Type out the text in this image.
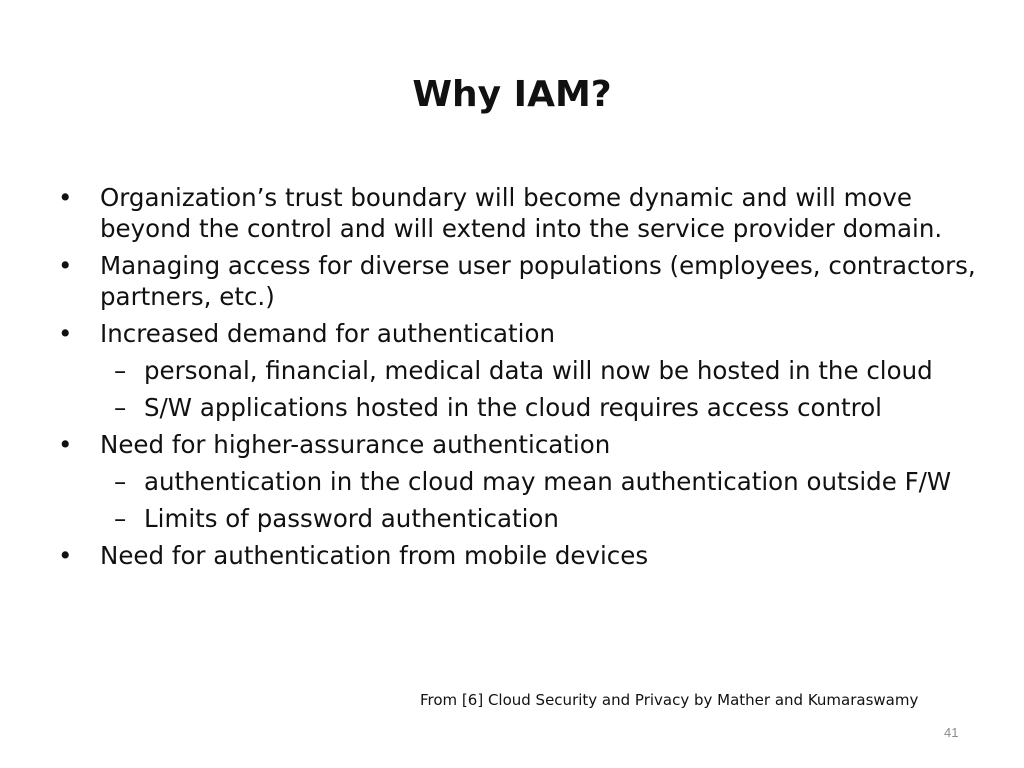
Why IAM?
• Organization’s trust boundary will become dynamic and will move beyond the control and will extend into the service provider domain.
• Managing access for diverse user populations (employees, contractors, partners, etc.)
• Increased demand for authentication
– personal, financial, medical data will now be hosted in the cloud
– S/W applications hosted in the cloud requires access control
• Need for higher-assurance authentication
– authentication in the cloud may mean authentication outside F/W
– Limits of password authentication
• Need for authentication from mobile devices
From [6] Cloud Security and Privacy by Mather and Kumaraswamy
41
